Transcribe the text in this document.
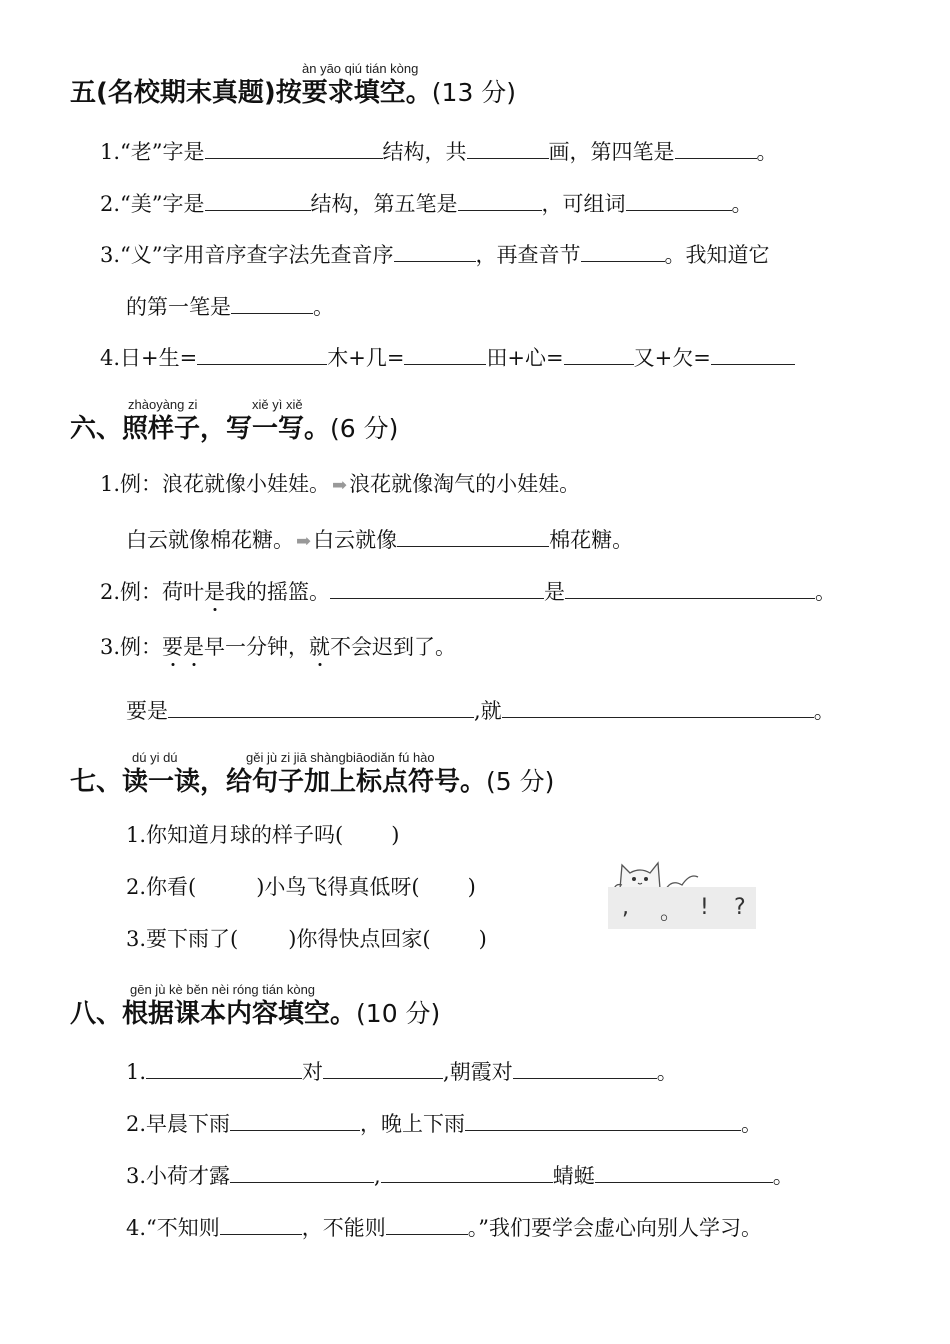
àn yāo qiú tián kòng
五(名校期末真题)按要求填空。(13 分)
1.“老”字是	结构，共	画，第四笔是	。
2.“美”字是	结构，第五笔是	，可组词	。
3.“义”字用音序查字法先查音序	，再查音节	。我知道它
的第一笔是	。
4.日+生=	木+几=	田+心=	又+欠=
zhàoyàng zi	xiě yì xiě
六、照样子，写一写。(6 分)
1.例：浪花就像小娃娃。 ➡浪花就像淘气的小娃娃。
白云就像棉花糖。 ➡白云就像	棉花糖。
2.例：荷叶是我的摇篮。	是	。
3.例：要是早一分钟，就不会迟到了。
要是	,就	。
dú yi dú	gěi jù zi jiā shàngbiāodiǎn fú hào
七、读一读，给句子加上标点符号。(5 分)
1.你知道月球的样子吗( )
2.你看(	)小鸟飞得真低呀( )
3.要下雨了( )你得快点回家( )
, 。 ! ?
gēn jù kè běn nèi róng tián kòng
八、根据课本内容填空。(10 分)
1.	对	,朝霞对	。
2.早晨下雨	，晚上下雨	。
3.小荷才露	,	蜻蜓	。
4.“不知则	，不能则	。”我们要学会虚心向别人学习。
